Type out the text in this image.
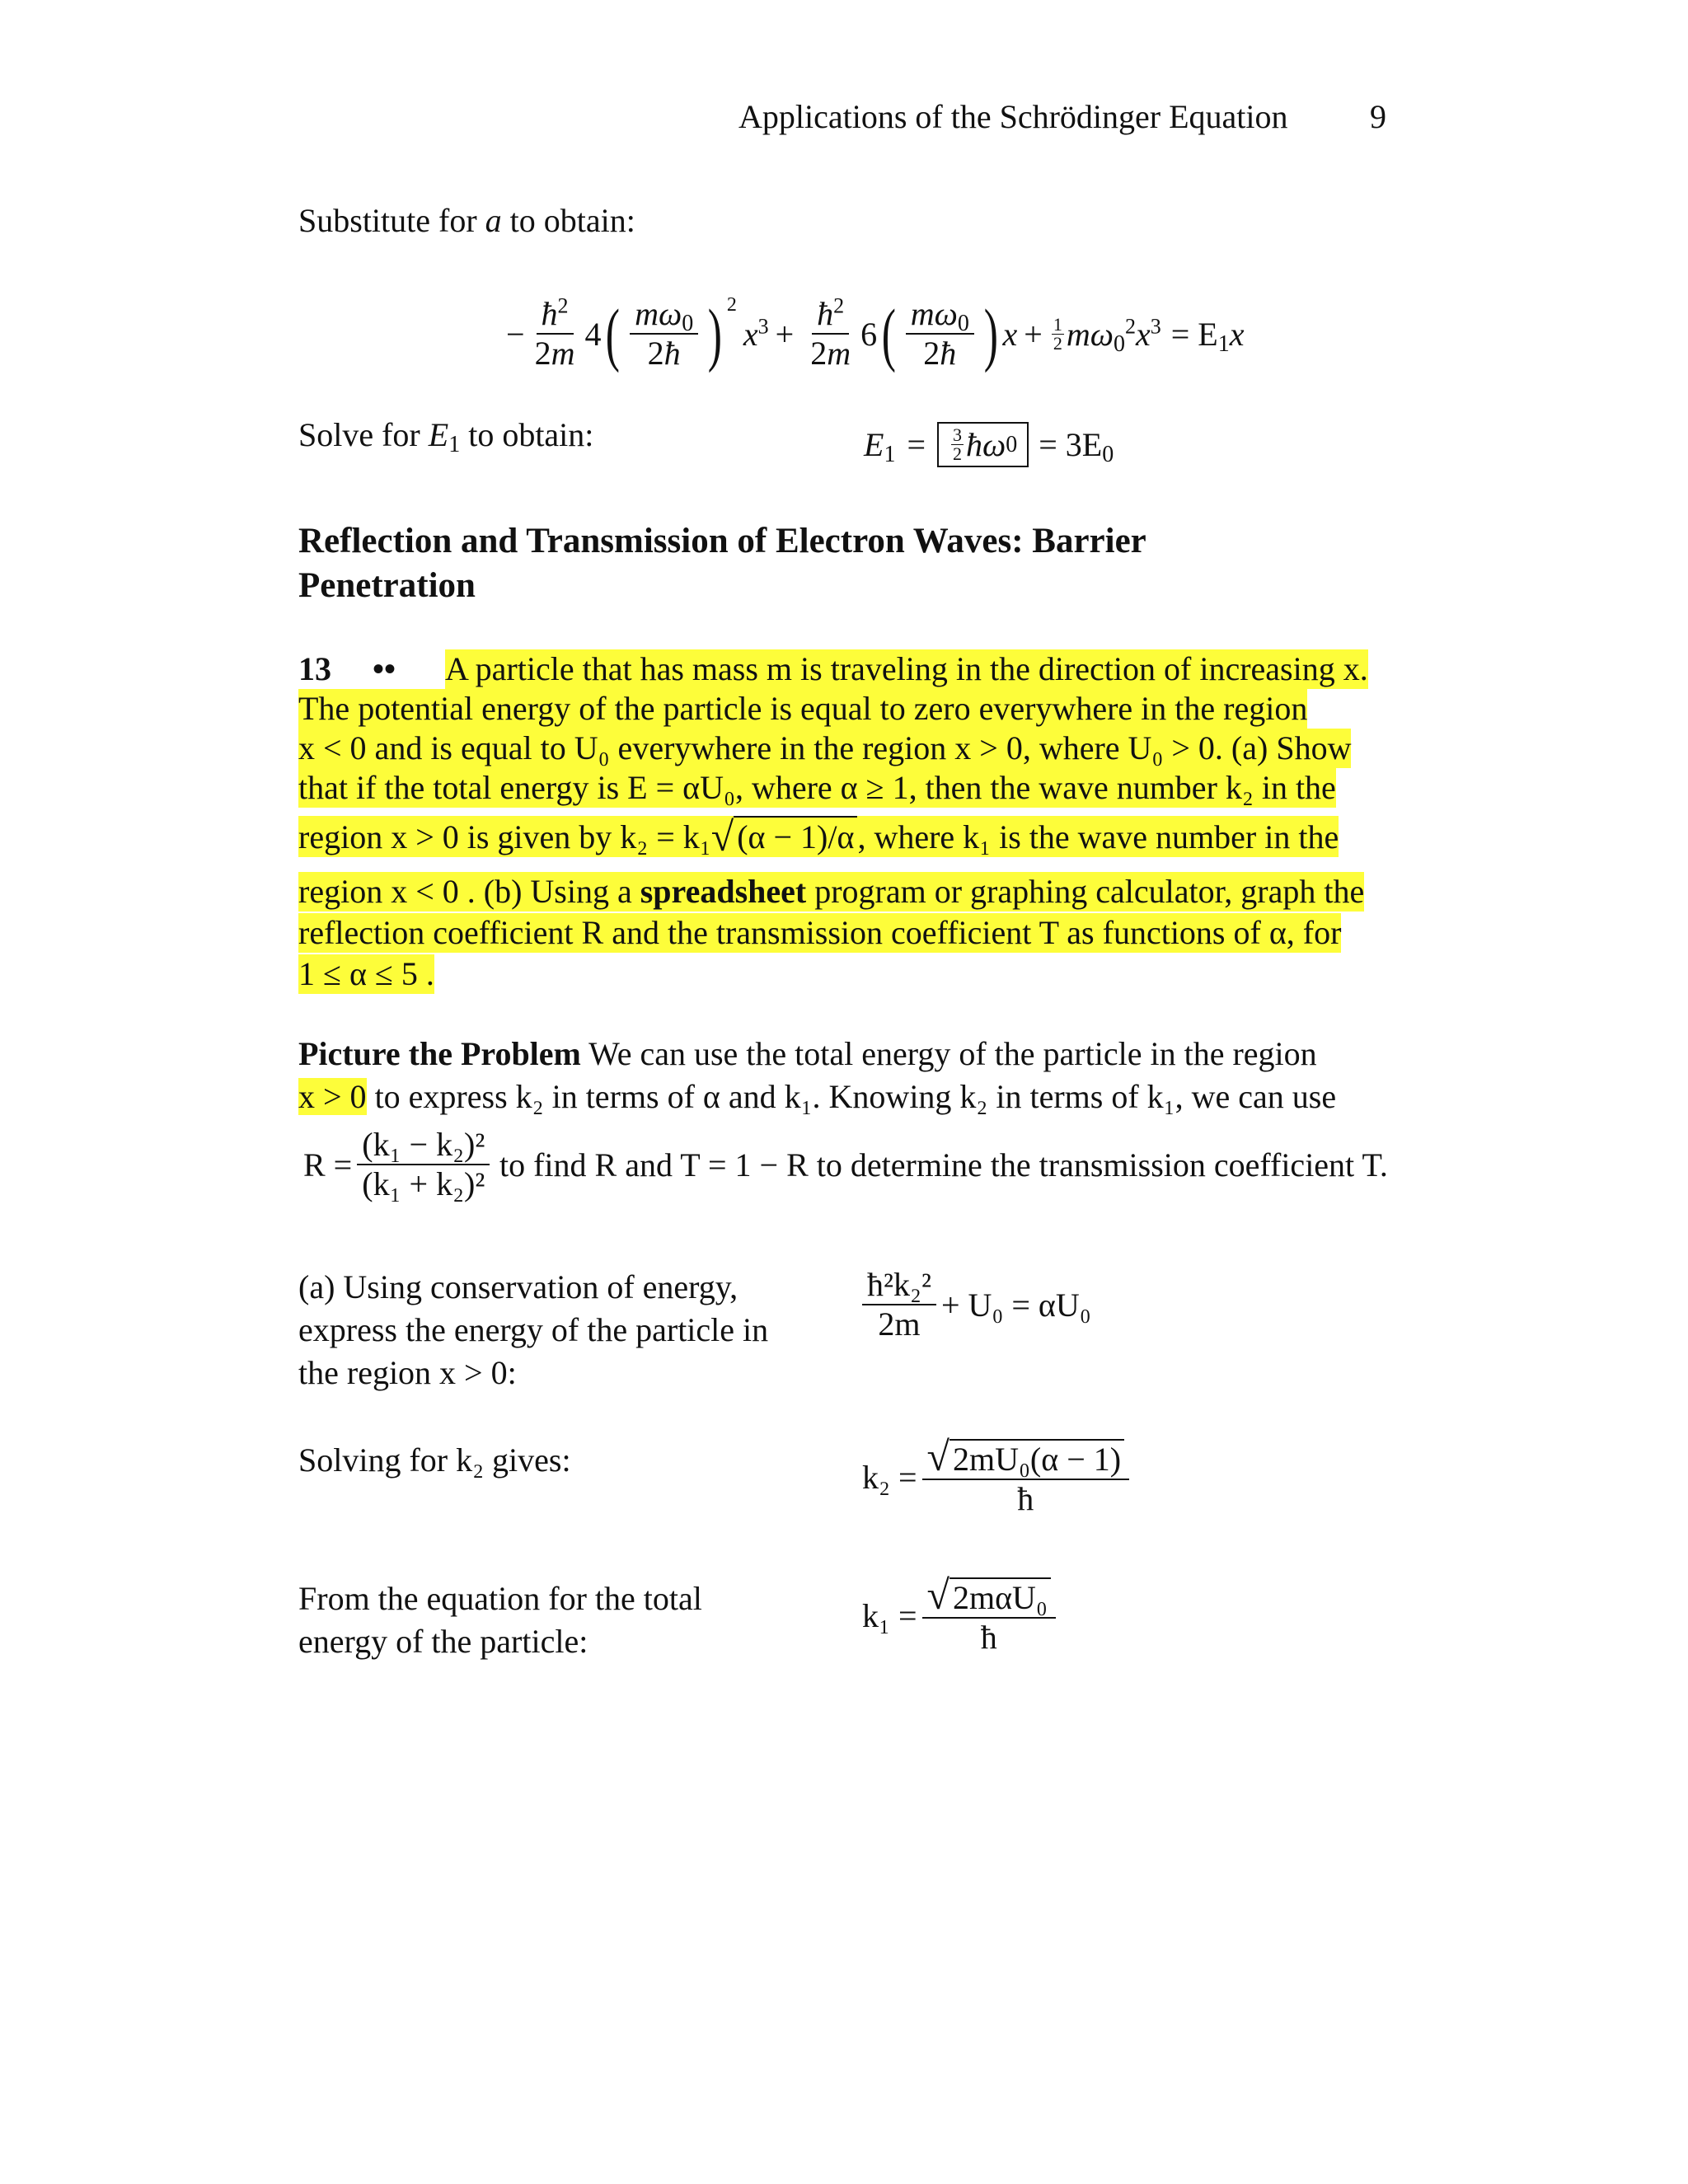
Applications of the Schrödinger Equation 9
Substitute for a to obtain:
− $\frac{ħ^2}{2m} 4$ ( $\frac{m\omega_0}{2ħ}$ ) 2
$x^3 + \frac{ħ^2}{2m} 6$ ( $\frac{m\omega_0}{2ħ}$ ) $x + \frac{1}{2} m\omega_0^2x^3 = E_1x$
Solve for $E_1$ to obtain:	$E_1 = \frac{3}{2}$ ħω $0 = 3E_0$
Reflection and Transmission of Electron Waves: Barrier
Penetration
13 •• A particle that has mass m is traveling in the direction of increasing x.
The potential energy of the particle is equal to zero everywhere in the region
x < 0 and is equal to U₀ everywhere in the region x > 0, where U₀ > 0. (a) Show
that if the total energy is E = αU₀, where α ≥ 1, then the wave number k₂ in the
region x > 0 is given by k₂ = k₁ √ (α − 1)/α , where k₁ is the wave number in the
region x < 0 . (b) Using a spreadsheet program or graphing calculator, graph the
reflection coefficient R and the transmission coefficient T as functions of α, for
1 ≤ α ≤ 5 .
Picture the Problem We can use the total energy of the particle in the region
x > 0 to express k₂ in terms of α and k₁. Knowing k₂ in terms of k₁, we can use
$R = \frac{\text{(k₁ − k₂)²}}{\text{(k₁ + k₂)²}}$ to find R and T = 1 − R to determine the transmission coefficient T.
(a) Using conservation of energy,
express the energy of the particle in
the region x > 0:
$\frac{\text{ħ²k₂²}}{2m} + U_0 = \alpha U_0$
Solving for k₂ gives:	$k_2 = \frac{\text{√ 2mU₀(α − 1)}}{ħ}$
From the equation for the total
energy of the particle:
$k_1 = \frac{\text{√ 2mαU₀}}{ħ}$
